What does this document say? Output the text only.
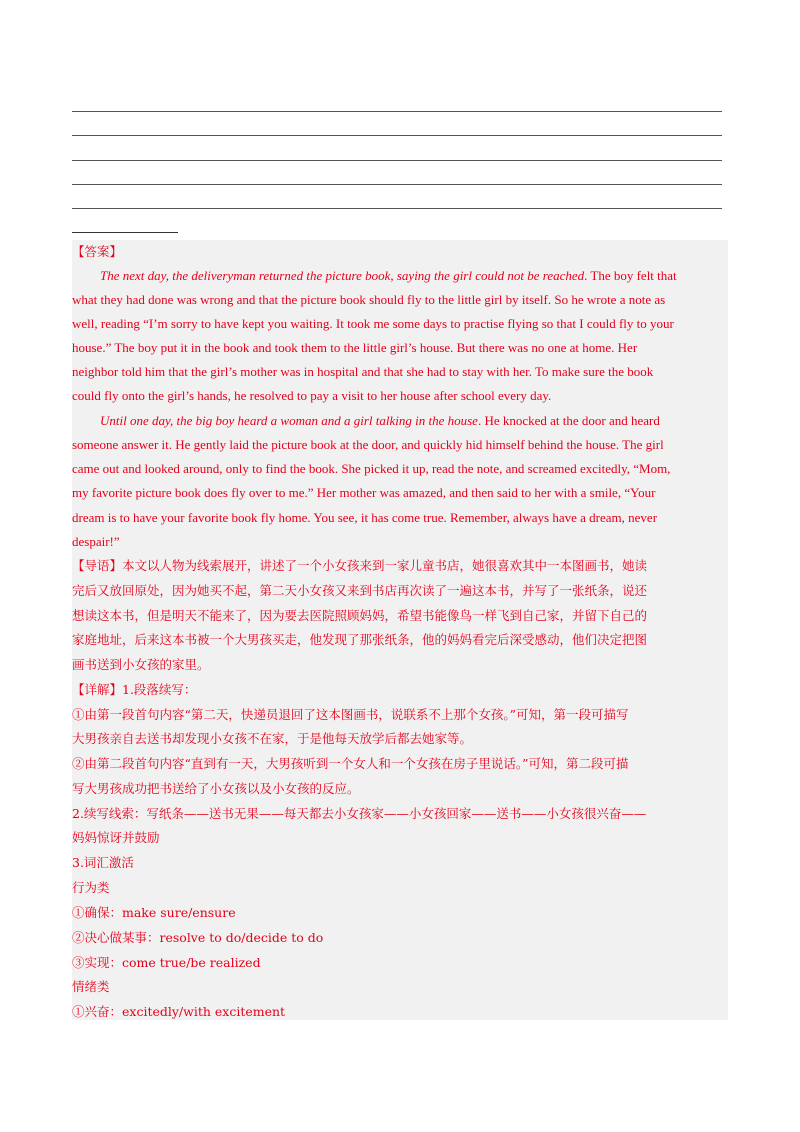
【答案】
The next day, the deliveryman returned the picture book, saying the girl could not be reached. The boy felt that
what they had done was wrong and that the picture book should fly to the little girl by itself. So he wrote a note as
well, reading “I’m sorry to have kept you waiting. It took me some days to practise flying so that I could fly to your
house.” The boy put it in the book and took them to the little girl’s house. But there was no one at home. Her
neighbor told him that the girl’s mother was in hospital and that she had to stay with her. To make sure the book
could fly onto the girl’s hands, he resolved to pay a visit to her house after school every day.
Until one day, the big boy heard a woman and a girl talking in the house. He knocked at the door and heard
someone answer it. He gently laid the picture book at the door, and quickly hid himself behind the house. The girl
came out and looked around, only to find the book. She picked it up, read the note, and screamed excitedly, “Mom,
my favorite picture book does fly over to me.” Her mother was amazed, and then said to her with a smile, “Your
dream is to have your favorite book fly home. You see, it has come true. Remember, always have a dream, never
despair!”
【导语】本文以人物为线索展开，讲述了一个小女孩来到一家儿童书店，她很喜欢其中一本图画书，她读
完后又放回原处，因为她买不起，第二天小女孩又来到书店再次读了一遍这本书，并写了一张纸条，说还
想读这本书，但是明天不能来了，因为要去医院照顾妈妈，希望书能像鸟一样飞到自己家，并留下自己的
家庭地址，后来这本书被一个大男孩买走，他发现了那张纸条，他的妈妈看完后深受感动，他们决定把图
画书送到小女孩的家里。
【详解】1.段落续写：
①由第一段首句内容“第二天，快递员退回了这本图画书，说联系不上那个女孩。”可知，第一段可描写
大男孩亲自去送书却发现小女孩不在家，于是他每天放学后都去她家等。
②由第二段首句内容“直到有一天，大男孩听到一个女人和一个女孩在房子里说话。”可知，第二段可描
写大男孩成功把书送给了小女孩以及小女孩的反应。
2.续写线索：写纸条——送书无果——每天都去小女孩家——小女孩回家——送书——小女孩很兴奋——
妈妈惊讶并鼓励
3.词汇激活
行为类
①确保：make sure/ensure
②决心做某事：resolve to do/decide to do
③实现：come true/be realized
情绪类
①兴奋：excitedly/with excitement
